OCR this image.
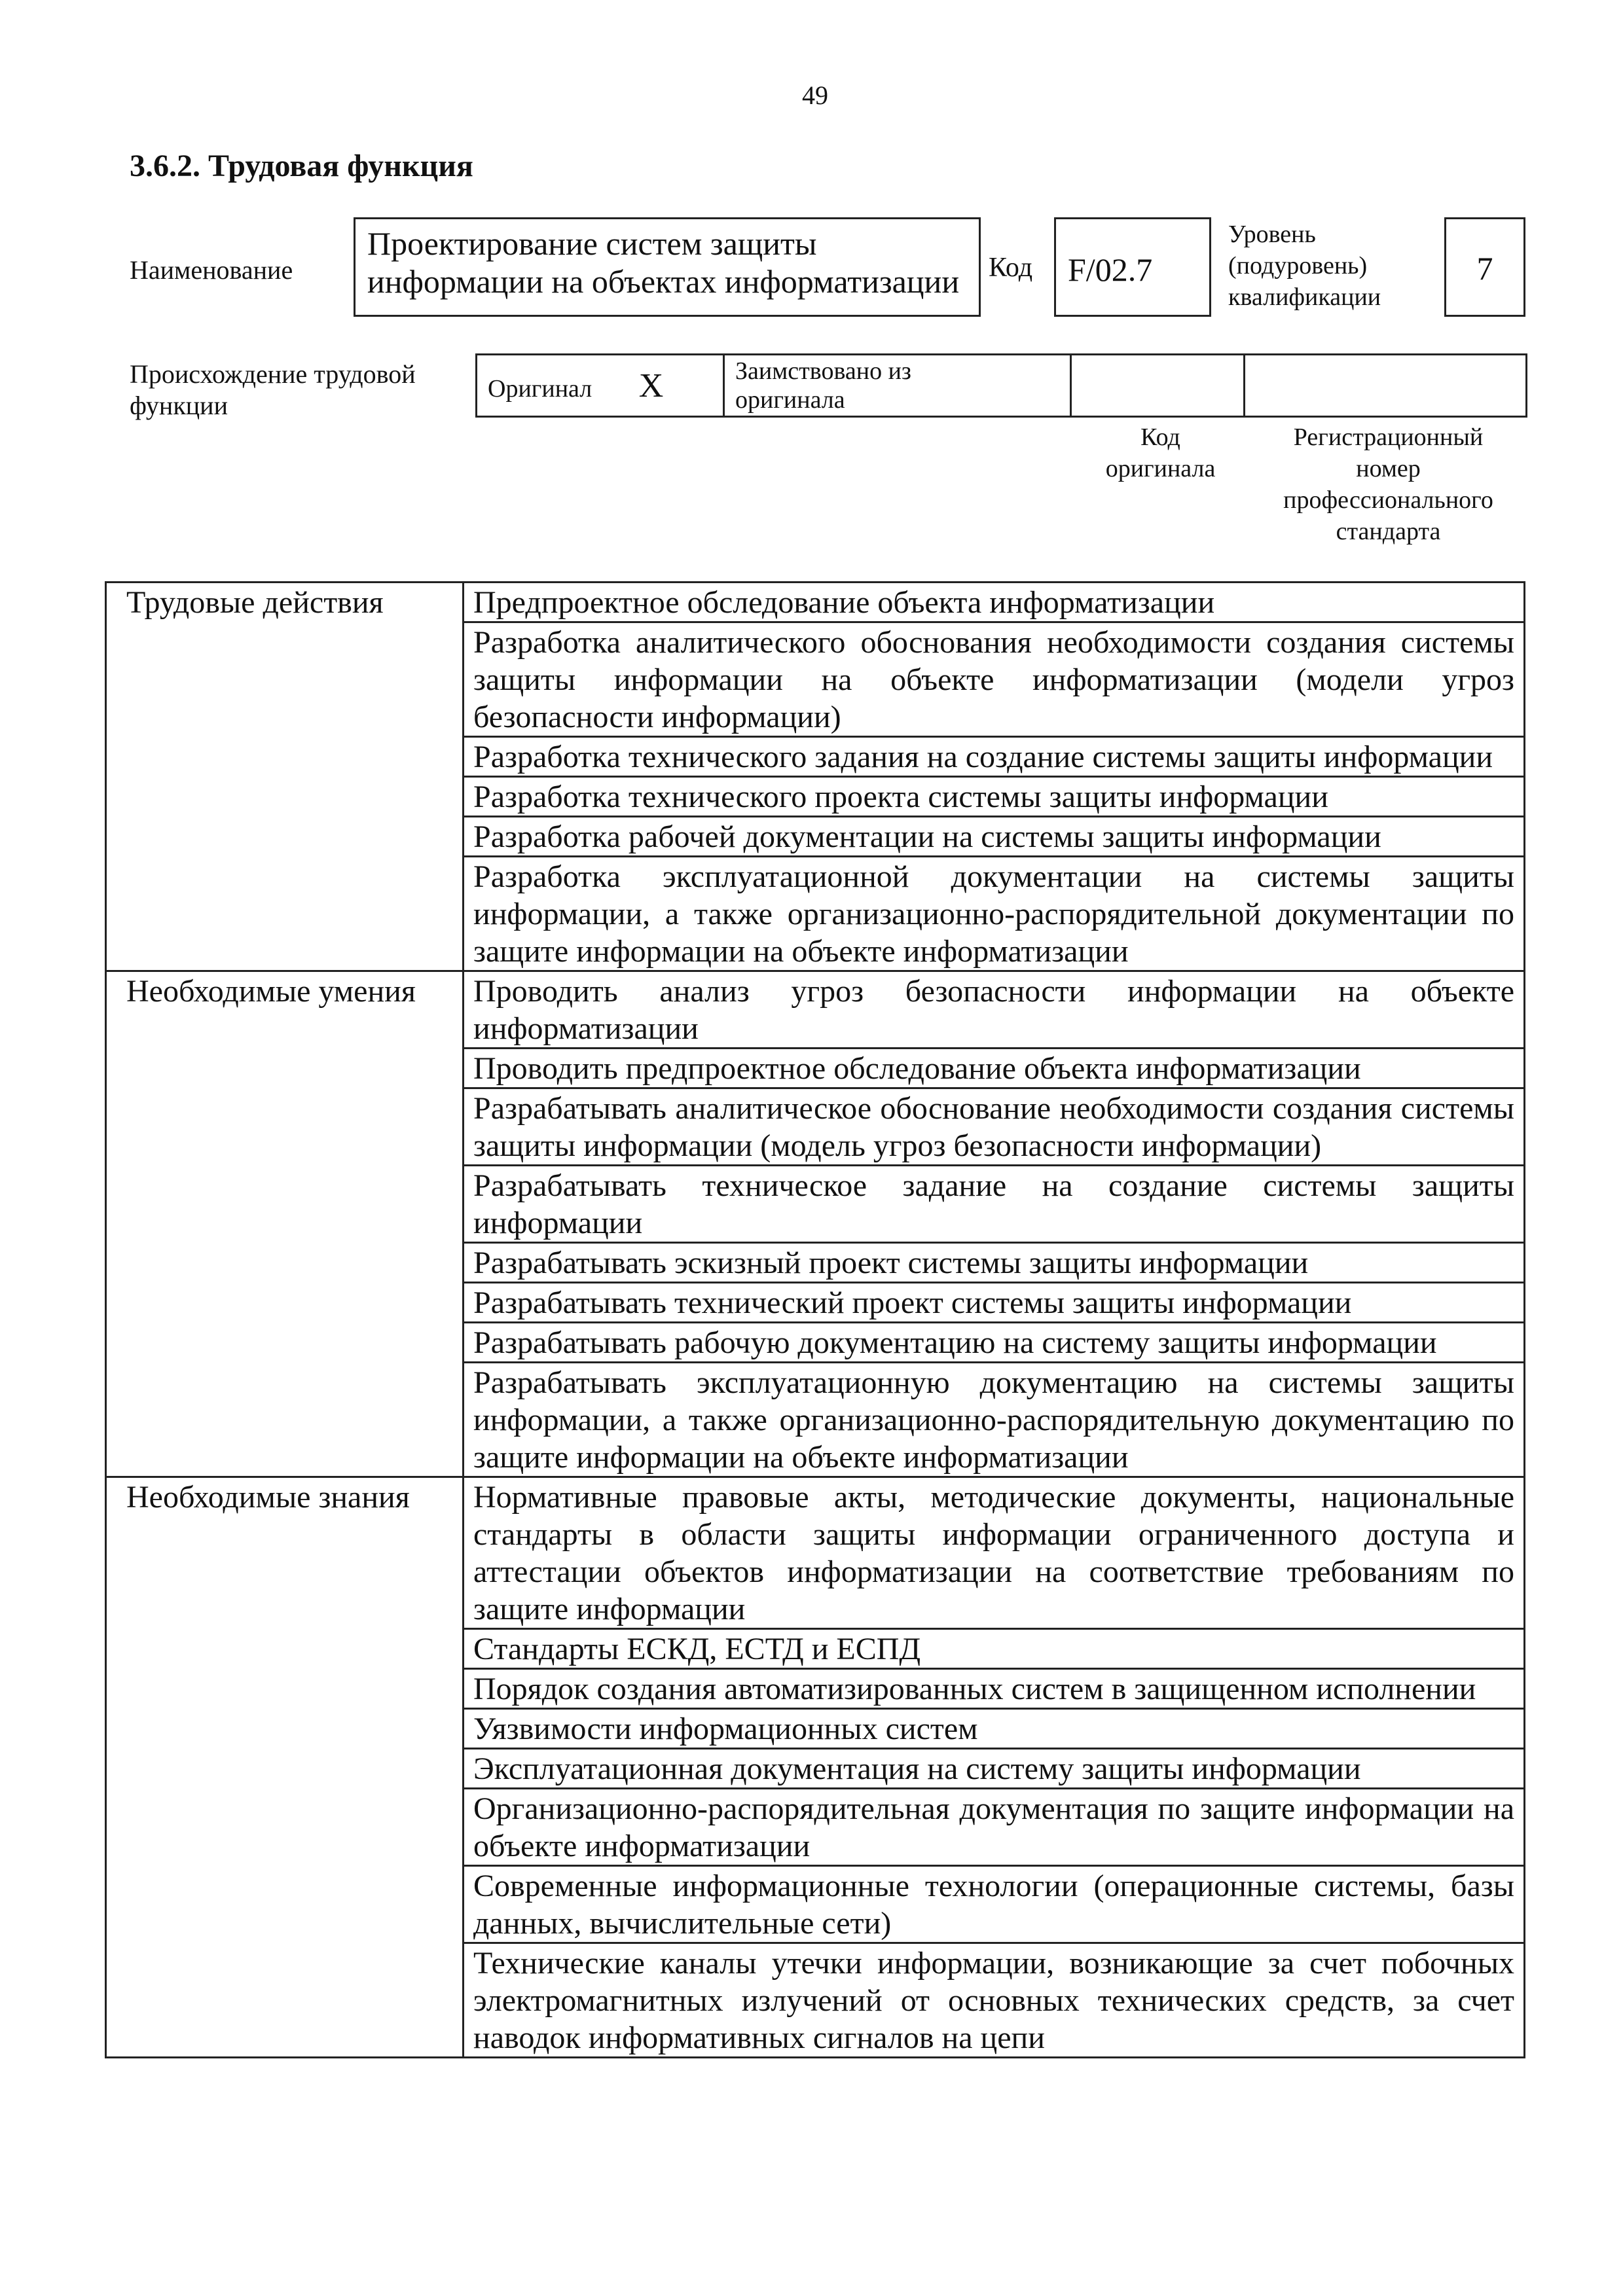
49
3.6.2. Трудовая функция
Наименование
Проектирование систем защиты информации на объектах информатизации	Код	F/02.7
Уровень
(подуровень)
квалификации
7
Происхождение трудовой
функции
Оригинал X	Заимствовано из
оригинала

Код
оригинала
Регистрационный
номер
профессионального
стандарта
Трудовые действия	Предпроектное обследование объекта информатизации
	Разработка аналитического обоснования необходимости создания системы защиты информации на объекте информатизации (модели угроз безопасности информации)
	Разработка технического задания на создание системы защиты информации
	Разработка технического проекта системы защиты информации
	Разработка рабочей документации на системы защиты информации
	Разработка эксплуатационной документации на системы защиты информации, а также организационно-распорядительной документации по защите информации на объекте информатизации
Необходимые умения	Проводить анализ угроз безопасности информации на объекте информатизации
	Проводить предпроектное обследование объекта информатизации
	Разрабатывать аналитическое обоснование необходимости создания системы защиты информации (модель угроз безопасности информации)
	Разрабатывать техническое задание на создание системы защиты информации
	Разрабатывать эскизный проект системы защиты информации
	Разрабатывать технический проект системы защиты информации
	Разрабатывать рабочую документацию на систему защиты информации
	Разрабатывать эксплуатационную документацию на системы защиты информации, а также организационно-распорядительную документацию по защите информации на объекте информатизации
Необходимые знания	Нормативные правовые акты, методические документы, национальные стандарты в области защиты информации ограниченного доступа и аттестации объектов информатизации на соответствие требованиям по защите информации
	Стандарты ЕСКД, ЕСТД и ЕСПД
	Порядок создания автоматизированных систем в защищенном исполнении
	Уязвимости информационных систем
	Эксплуатационная документация на систему защиты информации
	Организационно-распорядительная документация по защите информации на объекте информатизации
	Современные информационные технологии (операционные системы, базы данных, вычислительные сети)
	Технические каналы утечки информации, возникающие за счет побочных электромагнитных излучений от основных технических средств, за счет наводок информативных сигналов на цепи
